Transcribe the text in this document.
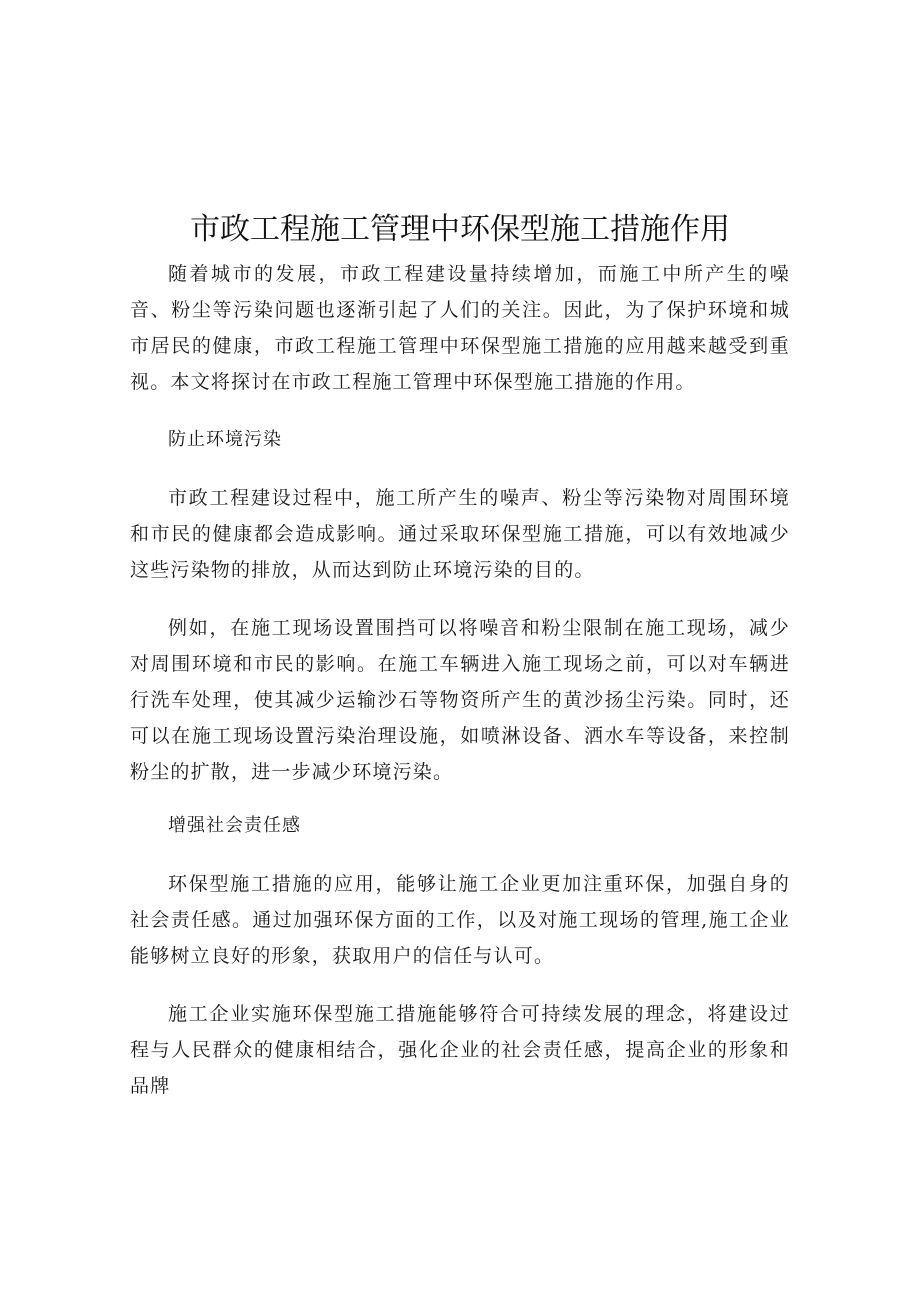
市政工程施工管理中环保型施工措施作用

随着城市的发展，市政工程建设量持续增加，而施工中所产生的噪音、粉尘等污染问题也逐渐引起了人们的关注。因此，为了保护环境和城市居民的健康，市政工程施工管理中环保型施工措施的应用越来越受到重视。本文将探讨在市政工程施工管理中环保型施工措施的作用。

防止环境污染

市政工程建设过程中，施工所产生的噪声、粉尘等污染物对周围环境和市民的健康都会造成影响。通过采取环保型施工措施，可以有效地减少这些污染物的排放，从而达到防止环境污染的目的。

例如，在施工现场设置围挡可以将噪音和粉尘限制在施工现场，减少对周围环境和市民的影响。在施工车辆进入施工现场之前，可以对车辆进行洗车处理，使其减少运输沙石等物资所产生的黄沙扬尘污染。同时，还可以在施工现场设置污染治理设施，如喷淋设备、洒水车等设备，来控制粉尘的扩散，进一步减少环境污染。

增强社会责任感

环保型施工措施的应用，能够让施工企业更加注重环保，加强自身的社会责任感。通过加强环保方面的工作，以及对施工现场的管理,施工企业能够树立良好的形象，获取用户的信任与认可。

施工企业实施环保型施工措施能够符合可持续发展的理念，将建设过程与人民群众的健康相结合，强化企业的社会责任感，提高企业的形象和品牌
